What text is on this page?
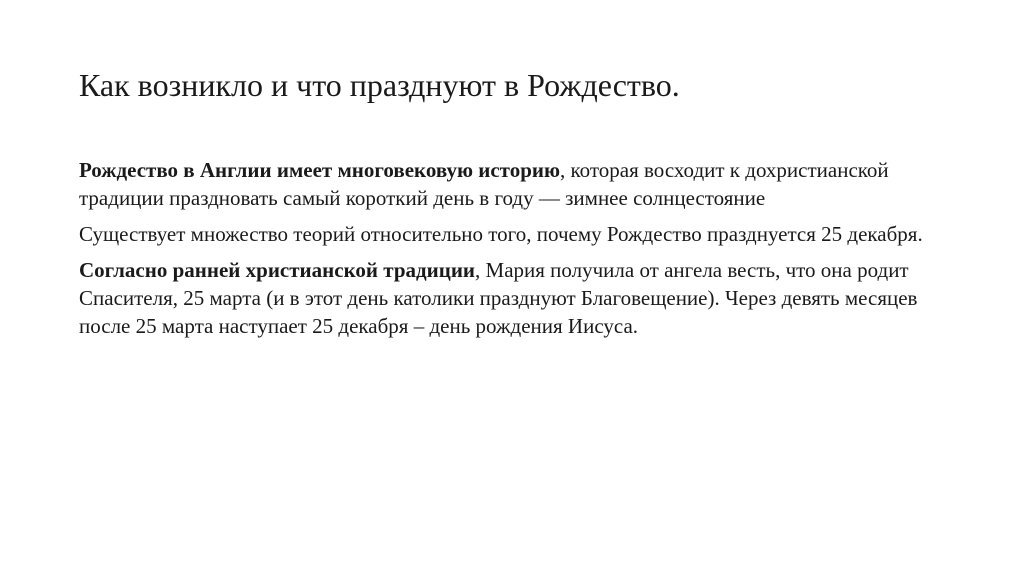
Как возникло и что празднуют в Рождество.

Рождество в Англии имеет многовековую историю, которая восходит к дохристианской традиции праздновать самый короткий день в году — зимнее солнцестояние

Существует множество теорий относительно того, почему Рождество празднуется 25 декабря.

Согласно ранней христианской традиции, Мария получила от ангела весть, что она родит Спасителя, 25 марта (и в этот день католики празднуют Благовещение). Через девять месяцев после 25 марта наступает 25 декабря – день рождения Иисуса.
